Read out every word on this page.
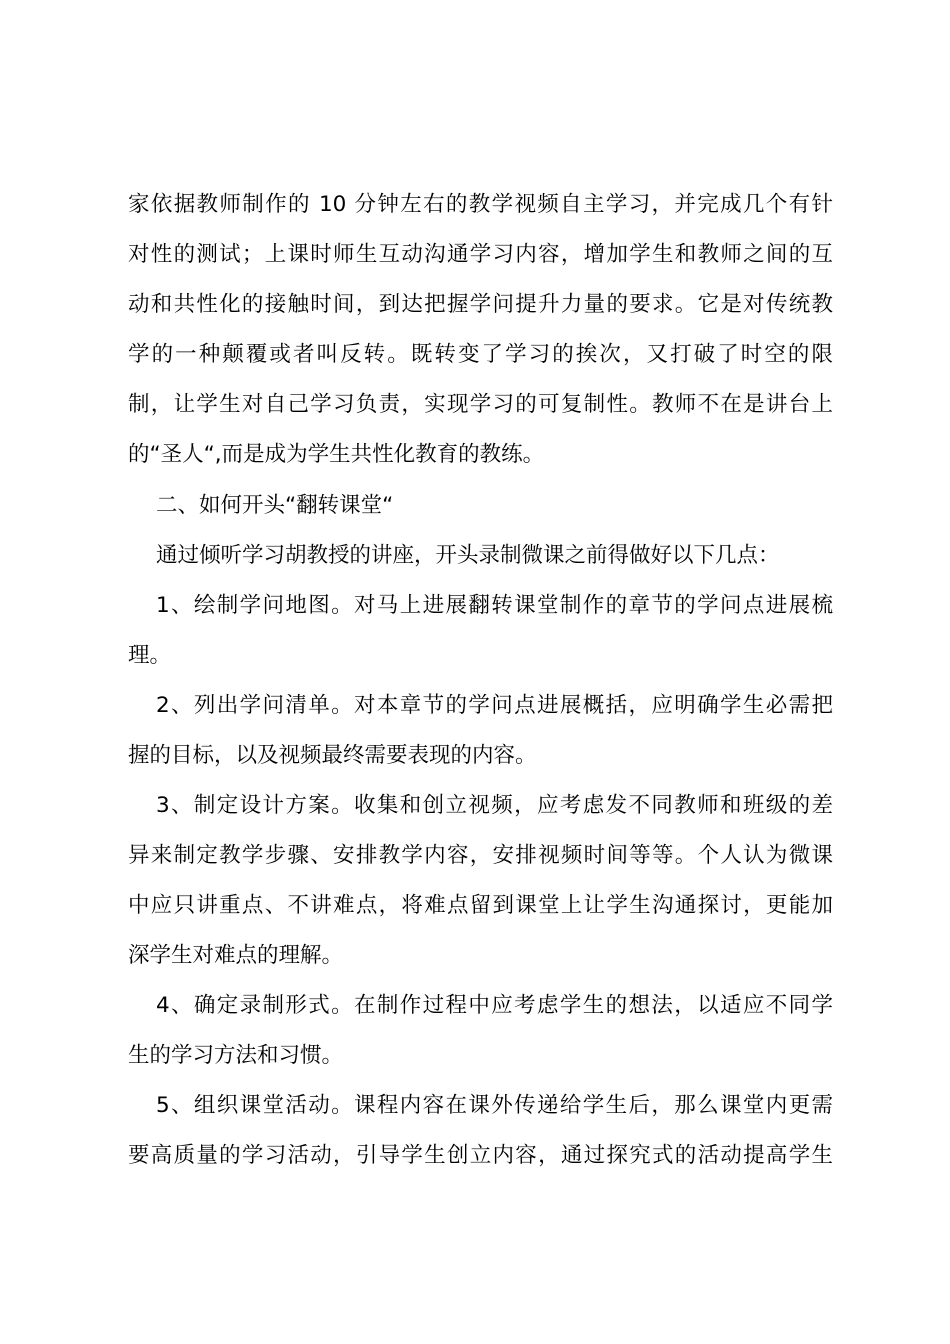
家依据教师制作的 10 分钟左右的教学视频自主学习，并完成几个有针
对性的测试；上课时师生互动沟通学习内容，增加学生和教师之间的互
动和共性化的接触时间，到达把握学问提升力量的要求。它是对传统教
学的一种颠覆或者叫反转。既转变了学习的挨次，又打破了时空的限
制，让学生对自己学习负责，实现学习的可复制性。教师不在是讲台上
的“圣人“,而是成为学生共性化教育的教练。
二、如何开头“翻转课堂“
通过倾听学习胡教授的讲座，开头录制微课之前得做好以下几点：
1、绘制学问地图。对马上进展翻转课堂制作的章节的学问点进展梳
理。
2、列出学问清单。对本章节的学问点进展概括，应明确学生必需把
握的目标，以及视频最终需要表现的内容。
3、制定设计方案。收集和创立视频，应考虑发不同教师和班级的差
异来制定教学步骤、安排教学内容，安排视频时间等等。个人认为微课
中应只讲重点、不讲难点，将难点留到课堂上让学生沟通探讨，更能加
深学生对难点的理解。
4、确定录制形式。在制作过程中应考虑学生的想法，以适应不同学
生的学习方法和习惯。
5、组织课堂活动。课程内容在课外传递给学生后，那么课堂内更需
要高质量的学习活动，引导学生创立内容，通过探究式的活动提高学生
